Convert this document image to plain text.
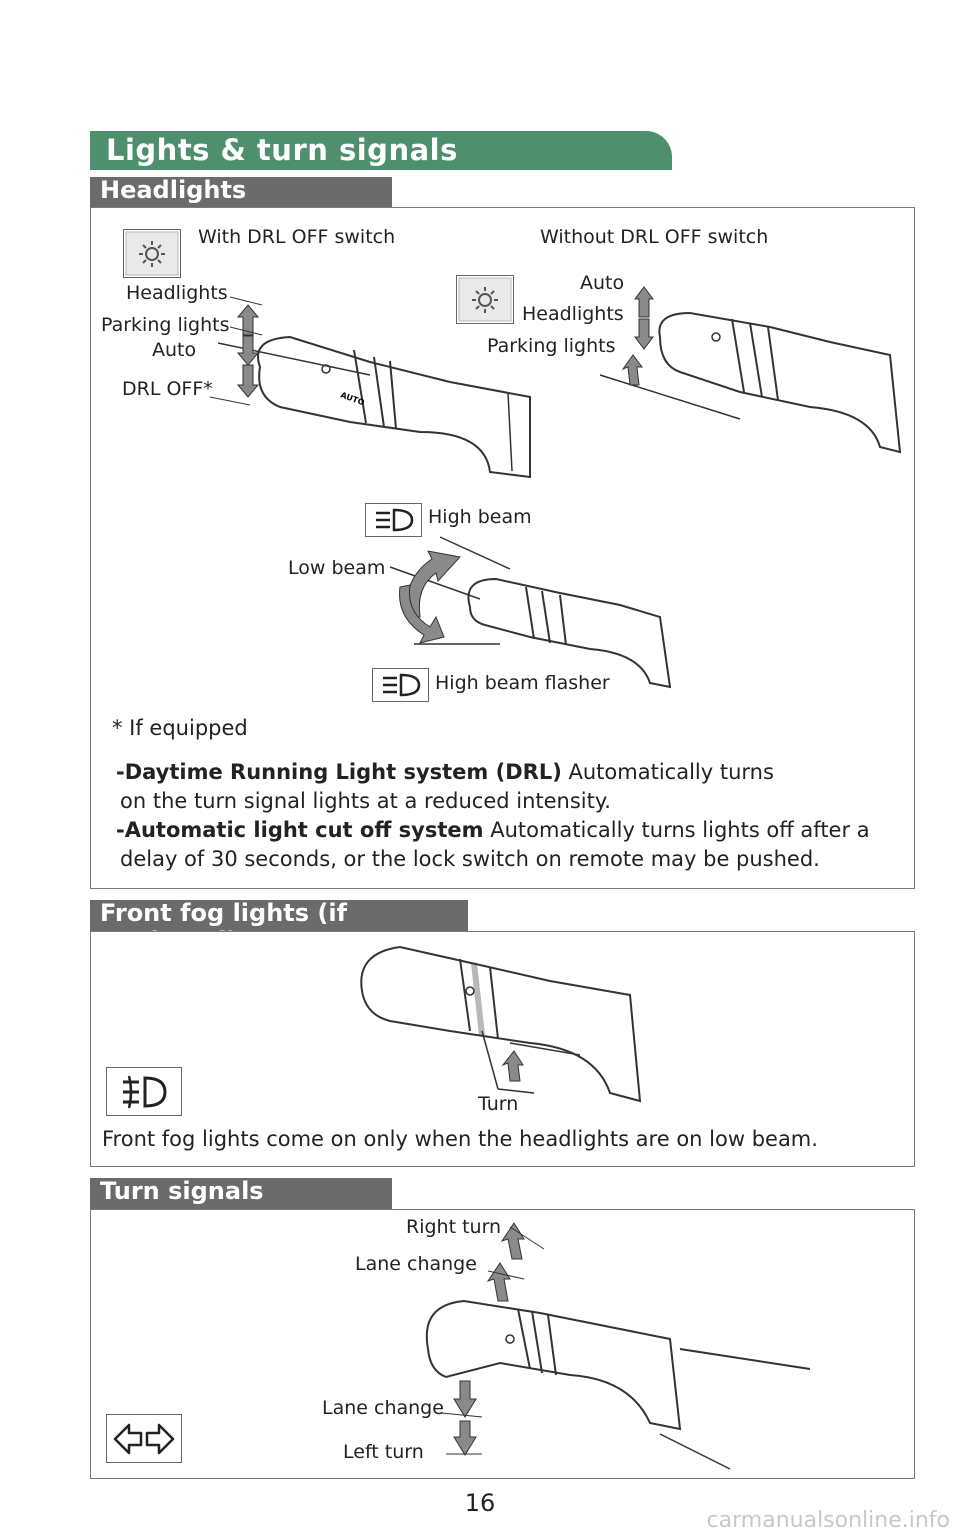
Lights & turn signals
Headlights
With DRL OFF switch	Without DRL OFF switch
Headlights
Parking lights
Auto
DRL OFF*
Auto
Headlights
Parking lights
AUTO
High beam
Low beam
High beam flasher
* If equipped
-Daytime Running Light system (DRL) Automatically turns
on the turn signal lights at a reduced intensity.
-Automatic light cut off system Automatically turns lights off after a
delay of 30 seconds, or the lock switch on remote may be pushed.
Front fog lights (if
Turn
Front fog lights come on only when the headlights are on low beam.
Turn signals
Right turn
Lane change
Lane change
Left turn
16
carmanualsonline.info
